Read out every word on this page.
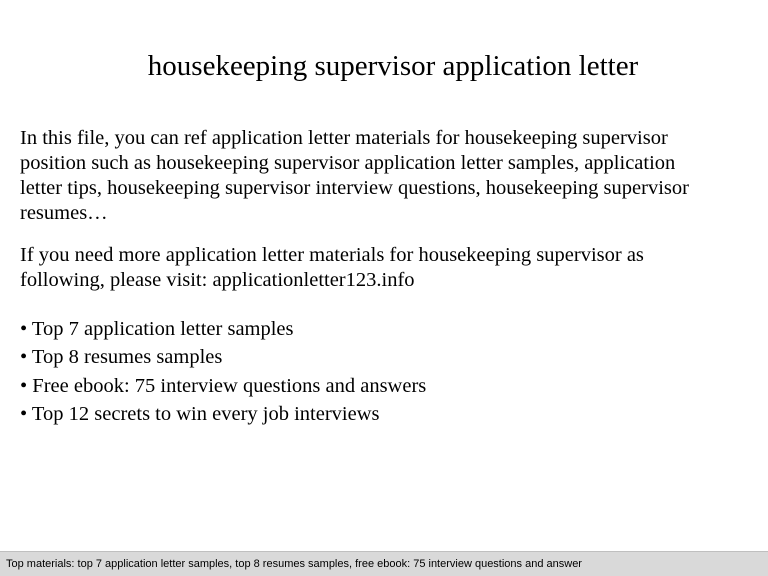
housekeeping supervisor application letter

In this file, you can ref application letter materials for housekeeping supervisor
position such as housekeeping supervisor application letter samples, application
letter tips, housekeeping supervisor interview questions, housekeeping supervisor
resumes…

If you need more application letter materials for housekeeping supervisor as
following, please visit: applicationletter123.info

• Top 7 application letter samples
• Top 8 resumes samples
• Free ebook: 75 interview questions and answers
• Top 12 secrets to win every job interviews
Top materials: top 7 application letter samples, top 8 resumes samples, free ebook: 75 interview questions and answer
